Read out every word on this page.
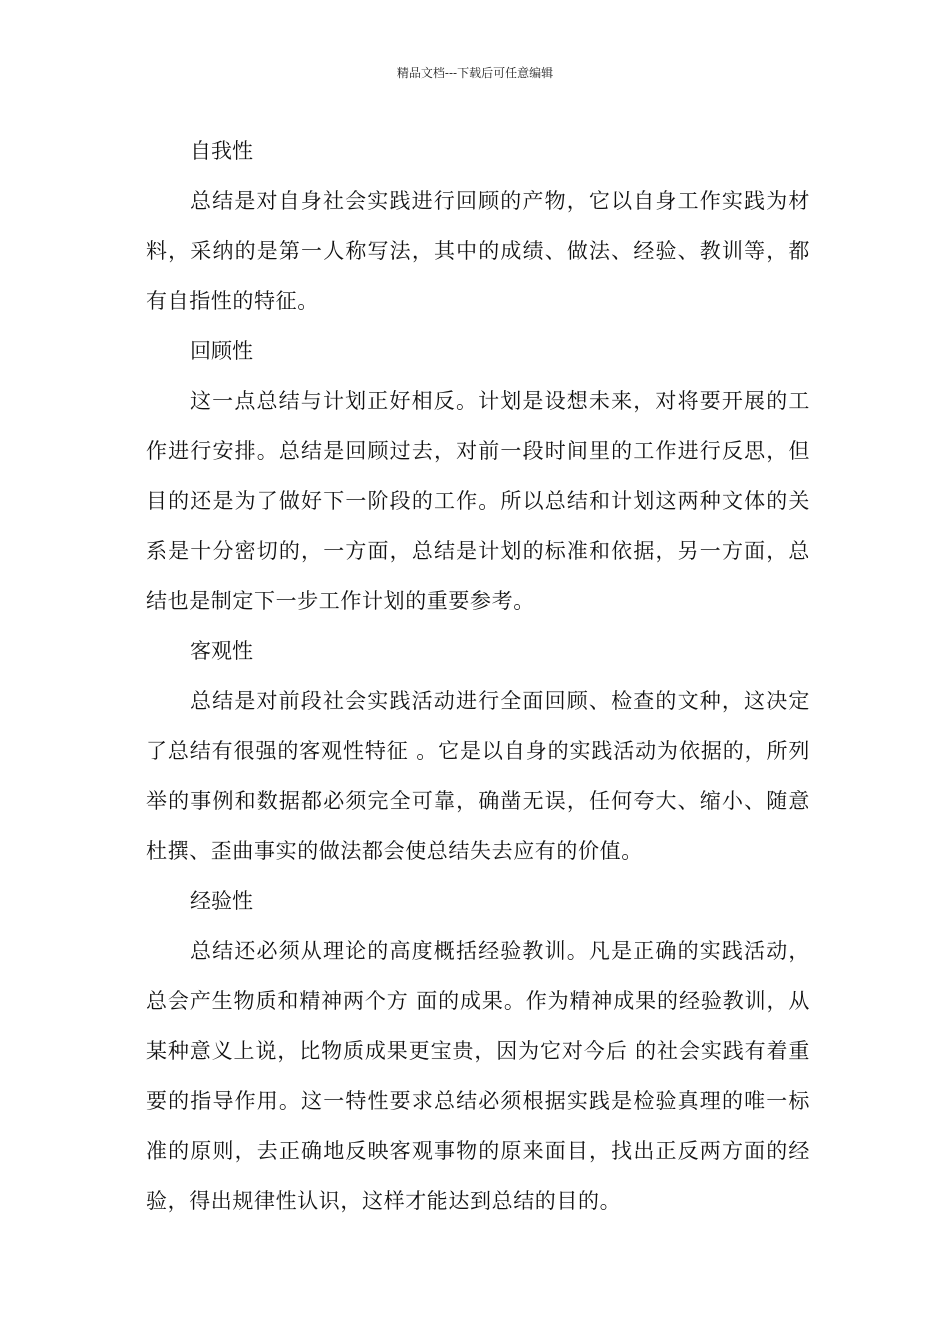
精品文档---下载后可任意编辑

自我性

总结是对自身社会实践进行回顾的产物，它以自身工作实践为材料，采纳的是第一人称写法，其中的成绩、做法、经验、教训等，都有自指性的特征。

回顾性

这一点总结与计划正好相反。计划是设想未来，对将要开展的工作进行安排。总结是回顾过去，对前一段时间里的工作进行反思，但目的还是为了做好下一阶段的工作。所以总结和计划这两种文体的关系是十分密切的，一方面，总结是计划的标准和依据，另一方面，总结也是制定下一步工作计划的重要参考。

客观性

总结是对前段社会实践活动进行全面回顾、检查的文种，这决定了总结有很强的客观性特征 。它是以自身的实践活动为依据的，所列举的事例和数据都必须完全可靠，确凿无误，任何夸大、缩小、随意杜撰、歪曲事实的做法都会使总结失去应有的价值。

经验性

总结还必须从理论的高度概括经验教训。凡是正确的实践活动，总会产生物质和精神两个方 面的成果。作为精神成果的经验教训，从某种意义上说，比物质成果更宝贵，因为它对今后 的社会实践有着重要的指导作用。这一特性要求总结必须根据实践是检验真理的唯一标准的原则，去正确地反映客观事物的原来面目，找出正反两方面的经验，得出规律性认识，这样才能达到总结的目的。
